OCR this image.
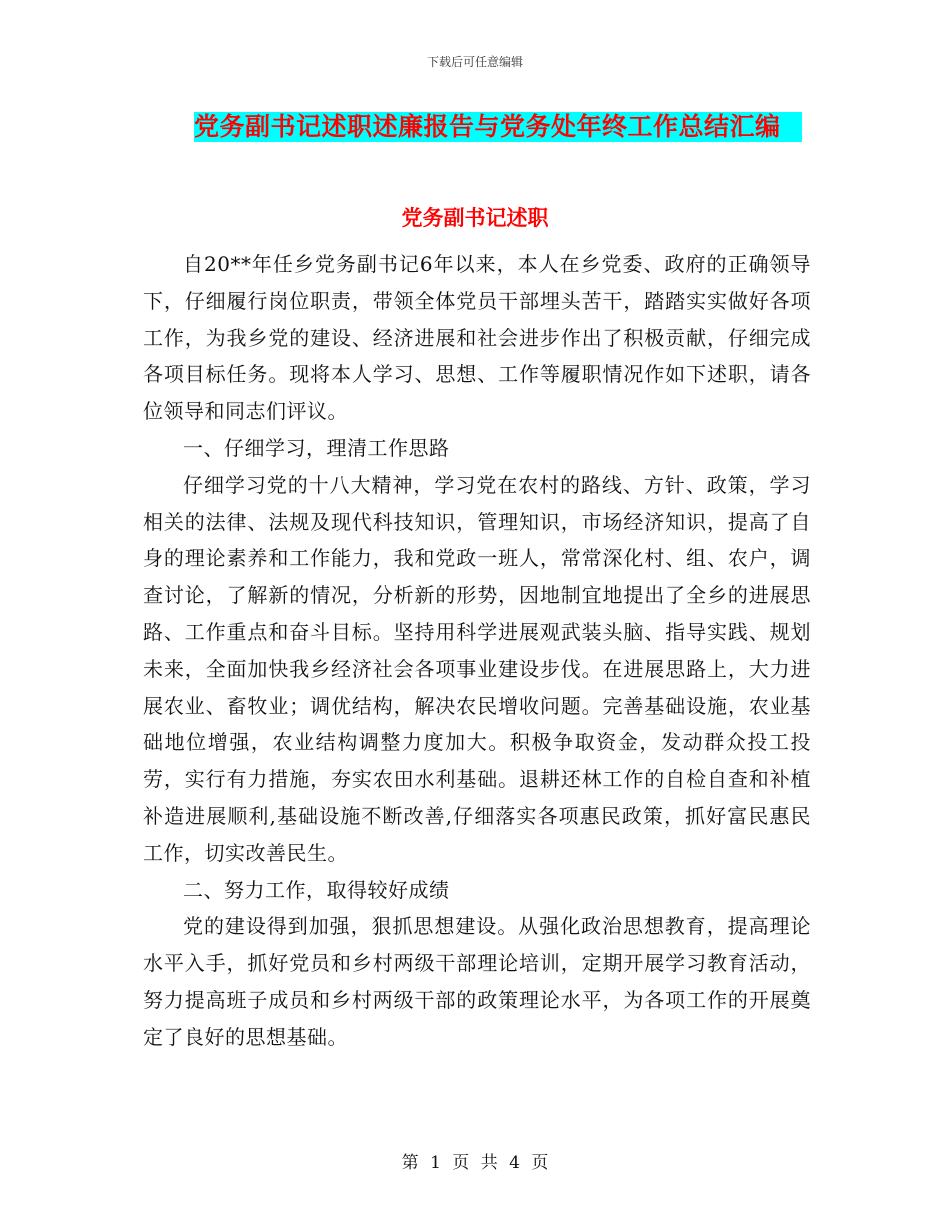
下载后可任意编辑
党务副书记述职述廉报告与党务处年终工作总结汇编
党务副书记述职

自20**年任乡党务副书记6年以来，本人在乡党委、政府的正确领导下，仔细履行岗位职责，带领全体党员干部埋头苦干，踏踏实实做好各项工作，为我乡党的建设、经济进展和社会进步作出了积极贡献，仔细完成各项目标任务。现将本人学习、思想、工作等履职情况作如下述职，请各位领导和同志们评议。

一、仔细学习，理清工作思路

仔细学习党的十八大精神，学习党在农村的路线、方针、政策，学习相关的法律、法规及现代科技知识，管理知识，市场经济知识，提高了自身的理论素养和工作能力，我和党政一班人，常常深化村、组、农户，调查讨论，了解新的情况，分析新的形势，因地制宜地提出了全乡的进展思路、工作重点和奋斗目标。坚持用科学进展观武装头脑、指导实践、规划未来，全面加快我乡经济社会各项事业建设步伐。在进展思路上，大力进展农业、畜牧业；调优结构，解决农民增收问题。完善基础设施，农业基础地位增强，农业结构调整力度加大。积极争取资金，发动群众投工投劳，实行有力措施，夯实农田水利基础。退耕还林工作的自检自查和补植补造进展顺利,基础设施不断改善,仔细落实各项惠民政策，抓好富民惠民工作，切实改善民生。

二、努力工作，取得较好成绩

党的建设得到加强，狠抓思想建设。从强化政治思想教育，提高理论水平入手，抓好党员和乡村两级干部理论培训，定期开展学习教育活动，努力提高班子成员和乡村两级干部的政策理论水平，为各项工作的开展奠定了良好的思想基础。

第 1 页 共 4 页
